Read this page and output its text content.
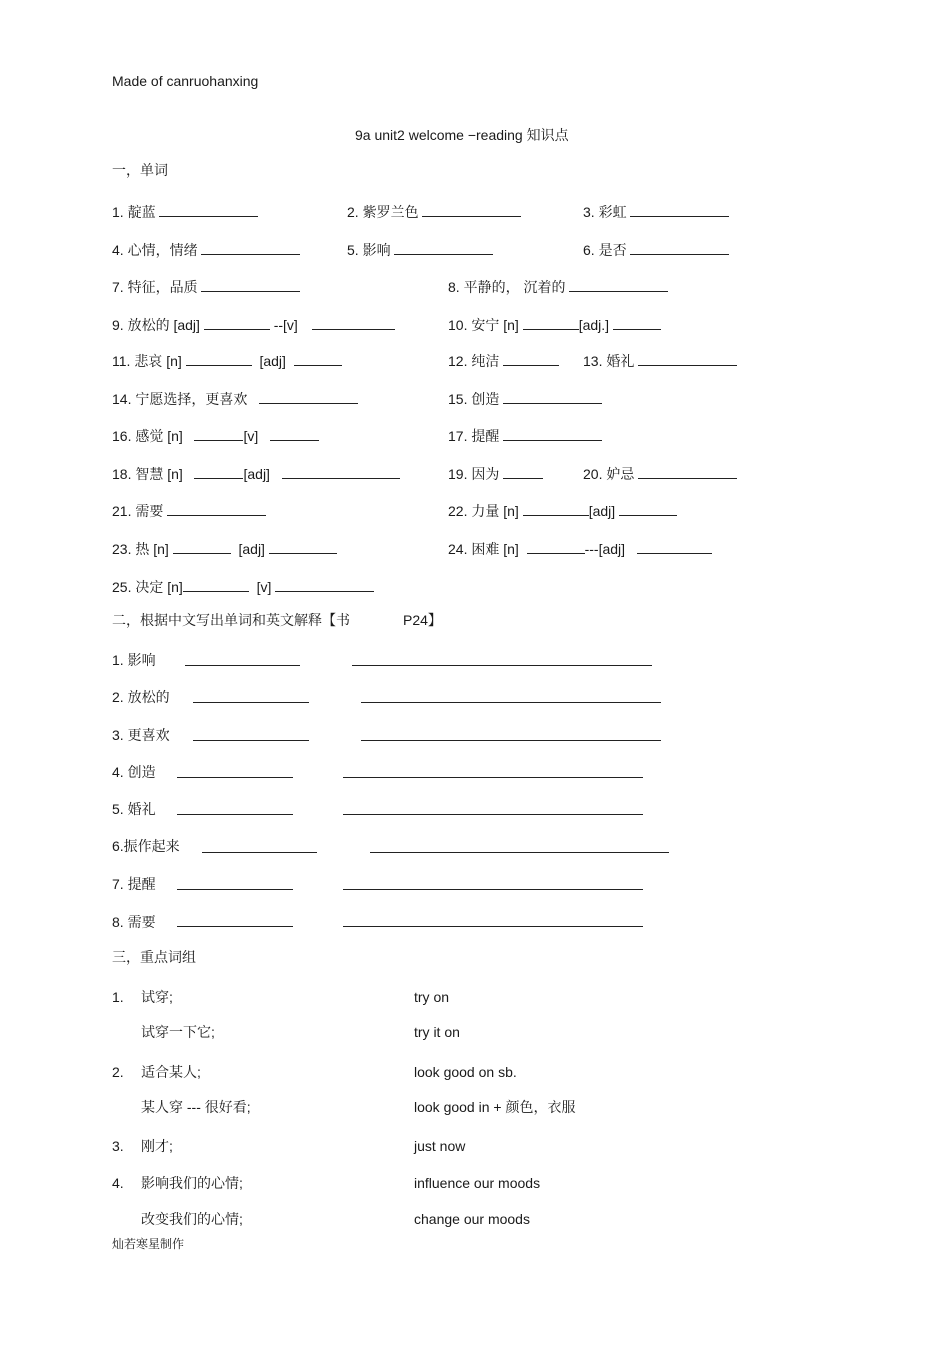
Made of canruohanxing
9a unit2 welcome −reading 知识点
一，单词
1. 靛蓝	2. 紫罗兰色	3. 彩虹
4. 心情，情绪	5. 影响	6. 是否
7. 特征，品质	8. 平静的， 沉着的
9. 放松的 [adj]	--[v]	10. 安宁 [n]	[adj.]
11. 悲哀 [n]	[adj]	12. 纯洁	13. 婚礼
14. 宁愿选择，更喜欢	15. 创造
16. 感觉 [n]	[v]	17. 提醒
18. 智慧 [n]	[adj]	19. 因为	20. 妒忌
21. 需要	22. 力量 [n]	[adj]
23. 热 [n]	[adj]	24. 困难 [n]	---[adj]
25. 决定 [n]	[v]
二，根据中文写出单词和英文解释【书	P24】
1. 影响
2. 放松的
3. 更喜欢
4. 创造
5. 婚礼
6.振作起来
7. 提醒
8. 需要
三，重点词组
1. 试穿;	try on
试穿一下它;	try it on
2. 适合某人;	look good on sb.
某人穿 --- 很好看;	look good in + 颜色，衣服
3. 刚才;	just now
4. 影响我们的心情;	influence our moods
改变我们的心情;	change our moods
灿若寒星制作
